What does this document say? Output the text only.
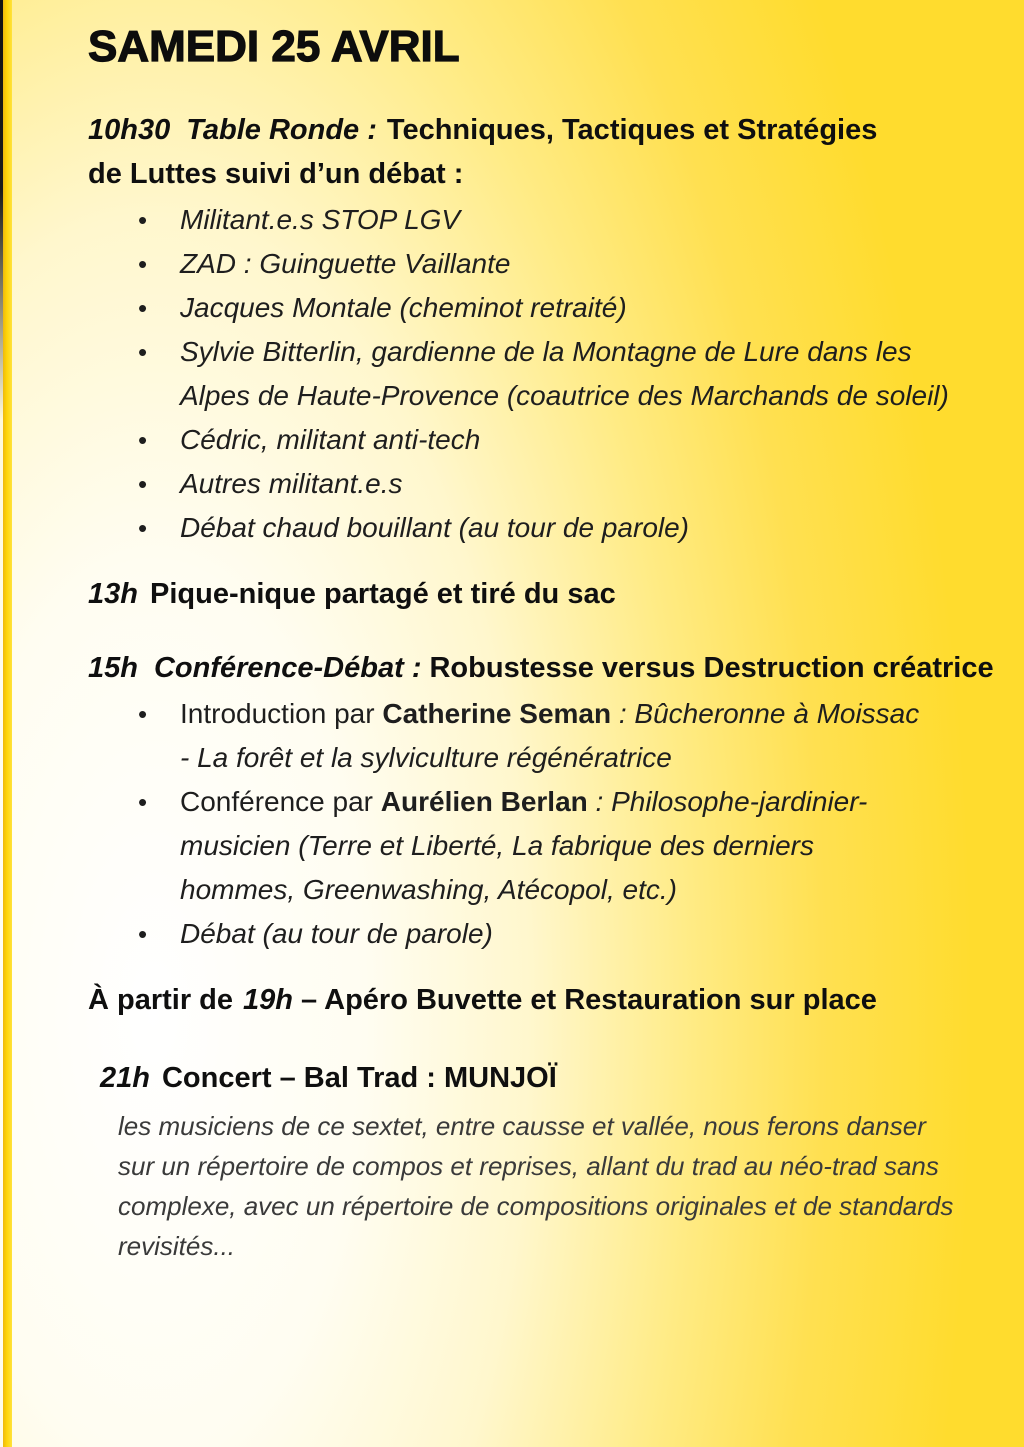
SAMEDI 25 AVRIL
10h30 Table Ronde : Techniques, Tactiques et Stratégies de Luttes suivi d’un débat :
• Militant.e.s STOP LGV
• ZAD : Guinguette Vaillante
• Jacques Montale (cheminot retraité)
• Sylvie Bitterlin, gardienne de la Montagne de Lure dans les Alpes de Haute-Provence (coautrice des Marchands de soleil)
• Cédric, militant anti-tech
• Autres militant.e.s
• Débat chaud bouillant (au tour de parole)
13h Pique-nique partagé et tiré du sac
15h Conférence-Débat : Robustesse versus Destruction créatrice
• Introduction par Catherine Seman : Bûcheronne à Moissac - La forêt et la sylviculture régénératrice
• Conférence par Aurélien Berlan : Philosophe-jardinier-musicien (Terre et Liberté, La fabrique des derniers hommes, Greenwashing, Atécopol, etc.)
• Débat (au tour de parole)
À partir de 19h – Apéro Buvette et Restauration sur place
21h Concert – Bal Trad : MUNJOÏ

les musiciens de ce sextet, entre causse et vallée, nous ferons danser sur un répertoire de compos et reprises, allant du trad au néo-trad sans complexe, avec un répertoire de compositions originales et de standards revisités...
